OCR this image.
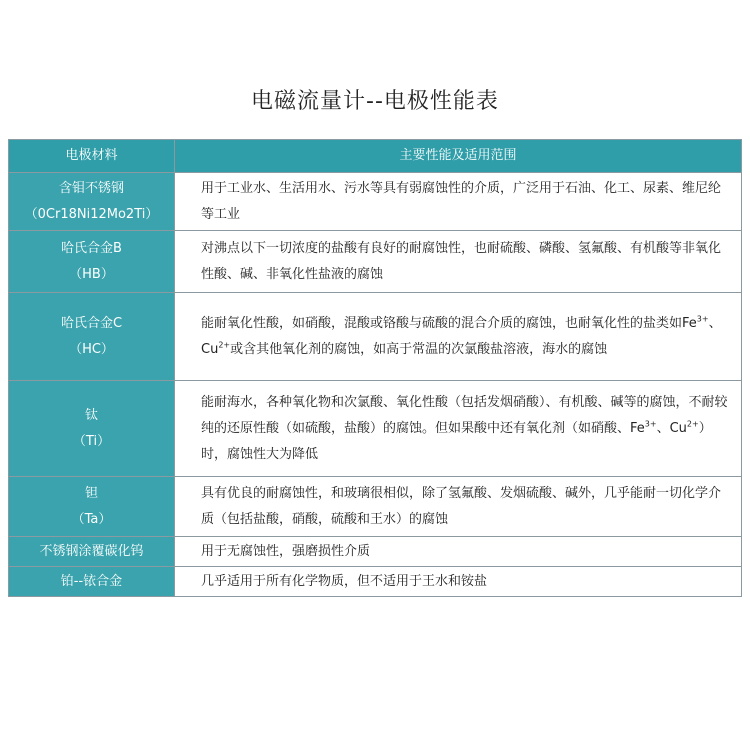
电磁流量计--电极性能表
电极材料	主要性能及适用范围

含钼不锈钢
（0Cr18Ni12Mo2Ti）	用于工业水、生活用水、污水等具有弱腐蚀性的介质，广泛用于石油、化工、尿素、维尼纶等工业

哈氏合金B
（HB）	对沸点以下一切浓度的盐酸有良好的耐腐蚀性，也耐硫酸、磷酸、氢氟酸、有机酸等非氧化性酸、碱、非氧化性盐液的腐蚀

哈氏合金C
（HC）	能耐氧化性酸，如硝酸，混酸或铬酸与硫酸的混合介质的腐蚀，也耐氧化性的盐类如$Fe^{3+}$、$Cu^{2+}$或含其他氧化剂的腐蚀，如高于常温的次氯酸盐溶液，海水的腐蚀

钛
（Ti）	能耐海水，各种氧化物和次氯酸、氧化性酸（包括发烟硝酸）、有机酸、碱等的腐蚀，不耐较纯的还原性酸（如硫酸，盐酸）的腐蚀。但如果酸中还有氧化剂（如硝酸、$Fe^{3+}$、$Cu^{2+}$）时，腐蚀性大为降低

钽
（Ta）	具有优良的耐腐蚀性，和玻璃很相似，除了氢氟酸、发烟硫酸、碱外，几乎能耐一切化学介质（包括盐酸，硝酸，硫酸和王水）的腐蚀

不锈钢涂覆碳化钨	用于无腐蚀性，强磨损性介质

铂--铱合金	几乎适用于所有化学物质，但不适用于王水和铵盐
